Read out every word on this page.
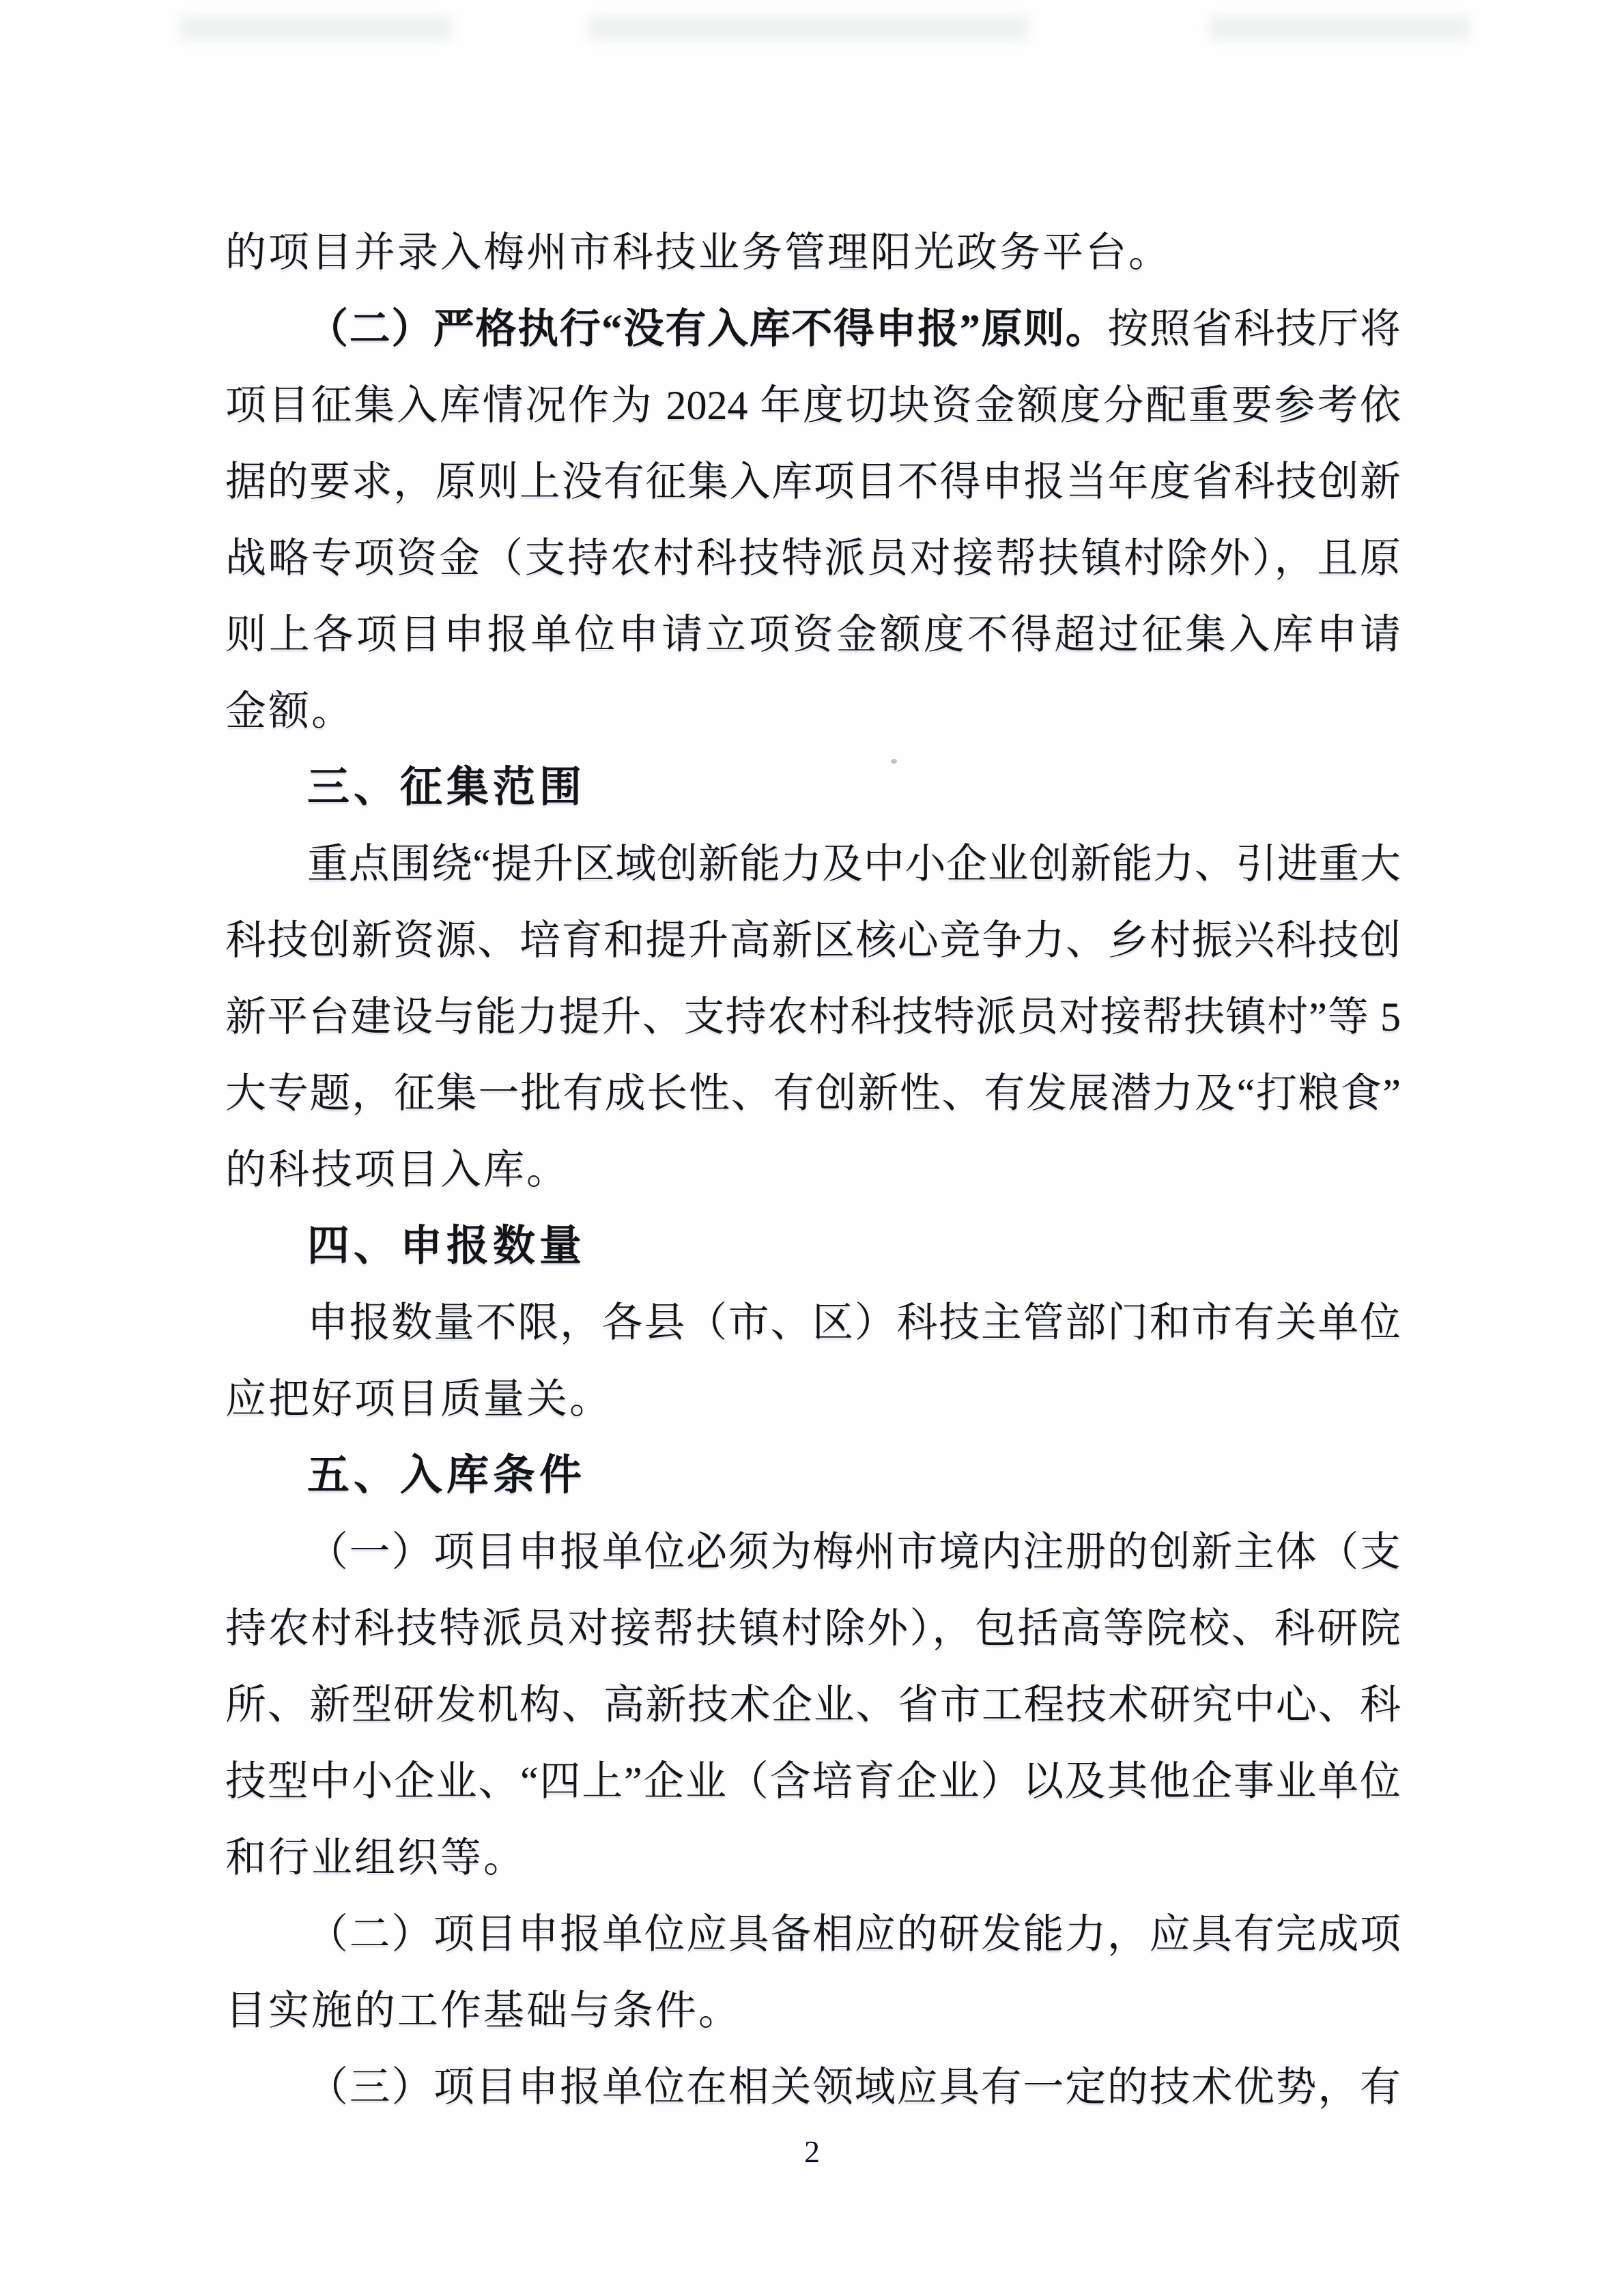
的项目并录入梅州市科技业务管理阳光政务平台。
（二）严格执行“没有入库不得申报”原则。按照省科技厅将
项目征集入库情况作为 2024 年度切块资金额度分配重要参考依
据的要求，原则上没有征集入库项目不得申报当年度省科技创新
战略专项资金（支持农村科技特派员对接帮扶镇村除外），且原
则上各项目申报单位申请立项资金额度不得超过征集入库申请
金额。
三、征集范围
重点围绕“提升区域创新能力及中小企业创新能力、引进重大
科技创新资源、培育和提升高新区核心竞争力、乡村振兴科技创
新平台建设与能力提升、支持农村科技特派员对接帮扶镇村”等 5
大专题，征集一批有成长性、有创新性、有发展潜力及“打粮食”
的科技项目入库。
四、申报数量
申报数量不限，各县（市、区）科技主管部门和市有关单位
应把好项目质量关。
五、入库条件
（一）项目申报单位必须为梅州市境内注册的创新主体（支
持农村科技特派员对接帮扶镇村除外），包括高等院校、科研院
所、新型研发机构、高新技术企业、省市工程技术研究中心、科
技型中小企业、“四上”企业（含培育企业）以及其他企事业单位
和行业组织等。
（二）项目申报单位应具备相应的研发能力，应具有完成项
目实施的工作基础与条件。
（三）项目申报单位在相关领域应具有一定的技术优势，有
2
